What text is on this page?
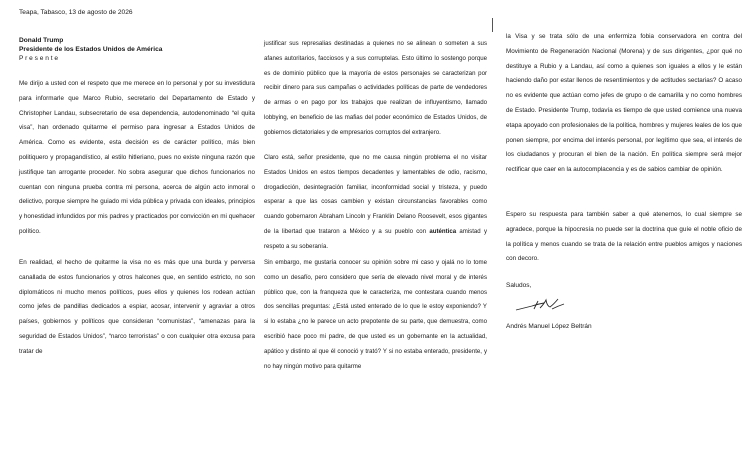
Teapa, Tabasco, 13 de agosto de 2026
Donald Trump
Presidente de los Estados Unidos de América
P r e s e n t e
Me dirijo a usted con el respeto que me merece en lo personal y por su investidura para informarle que Marco Rubio, secretario del Departamento de Estado y Christopher Landau, subsecretario de esa dependencia, autodenominado “el quita visa”, han ordenado quitarme el permiso para ingresar a Estados Unidos de América. Como es evidente, esta decisión es de carácter político, más bien politiquero y propagandístico, al estilo hitleriano, pues no existe ninguna razón que justifique tan arrogante proceder. No sobra asegurar que dichos funcionarios no cuentan con ninguna prueba contra mi persona, acerca de algún acto inmoral o delictivo, porque siempre he guiado mi vida pública y privada con ideales, principios y honestidad infundidos por mis padres y practicados por convicción en mi quehacer político.
En realidad, el hecho de quitarme la visa no es más que una burda y perversa canallada de estos funcionarios y otros halcones que, en sentido estricto, no son diplomáticos ni mucho menos políticos, pues ellos y quienes los rodean actúan como jefes de pandillas dedicados a espiar, acosar, intervenir y agraviar a otros países, gobiernos y políticos que consideran “comunistas”, “amenazas para la seguridad de Estados Unidos”, “narco terroristas” o con cualquier otra excusa para tratar de
justificar sus represalias destinadas a quienes no se alinean o someten a sus afanes autoritarios, facciosos y a sus corruptelas. Esto último lo sostengo porque es de dominio público que la mayoría de estos personajes se caracterizan por recibir dinero para sus campañas o actividades políticas de parte de vendedores de armas o en pago por los trabajos que realizan de influyentismo, llamado lobbying, en beneficio de las mafias del poder económico de Estados Unidos, de gobiernos dictatoriales y de empresarios corruptos del extranjero.
Claro está, señor presidente, que no me causa ningún problema el no visitar Estados Unidos en estos tiempos decadentes y lamentables de odio, racismo, drogadicción, desintegración familiar, inconformidad social y tristeza, y puedo esperar a que las cosas cambien y existan circunstancias favorables como cuando gobernaron Abraham Lincoln y Franklin Delano Roosevelt, esos gigantes de la libertad que trataron a México y a su pueblo con auténtica amistad y respeto a su soberanía.
Sin embargo, me gustaría conocer su opinión sobre mi caso y ojalá no lo tome como un desafío, pero considero que sería de elevado nivel moral y de interés público que, con la franqueza que le caracteriza, me contestara cuando menos dos sencillas preguntas: ¿Está usted enterado de lo que le estoy exponiendo? Y si lo estaba ¿no le parece un acto prepotente de su parte, que demuestra, como escribió hace poco mi padre, de que usted es un gobernante en la actualidad, apático y distinto al que él conoció y trató? Y si no estaba enterado, presidente, y no hay ningún motivo para quitarme
la Visa y se trata sólo de una enfermiza fobia conservadora en contra del Movimiento de Regeneración Nacional (Morena) y de sus dirigentes, ¿por qué no destituye a Rubio y a Landau, así como a quienes son iguales a ellos y le están haciendo daño por estar llenos de resentimientos y de actitudes sectarias? O acaso no es evidente que actúan como jefes de grupo o de camarilla y no como hombres de Estado. Presidente Trump, todavía es tiempo de que usted comience una nueva etapa apoyado con profesionales de la política, hombres y mujeres leales de los que ponen siempre, por encima del interés personal, por legítimo que sea, el interés de los ciudadanos y procuran el bien de la nación. En política siempre será mejor rectificar que caer en la autocomplacencia y es de sabios cambiar de opinión.
Espero su respuesta para también saber a qué atenernos, lo cual siempre se agradece, porque la hipocresía no puede ser la doctrina que guíe el noble oficio de la política y menos cuando se trata de la relación entre pueblos amigos y naciones con decoro.
Saludos,
Andrés Manuel López Beltrán
